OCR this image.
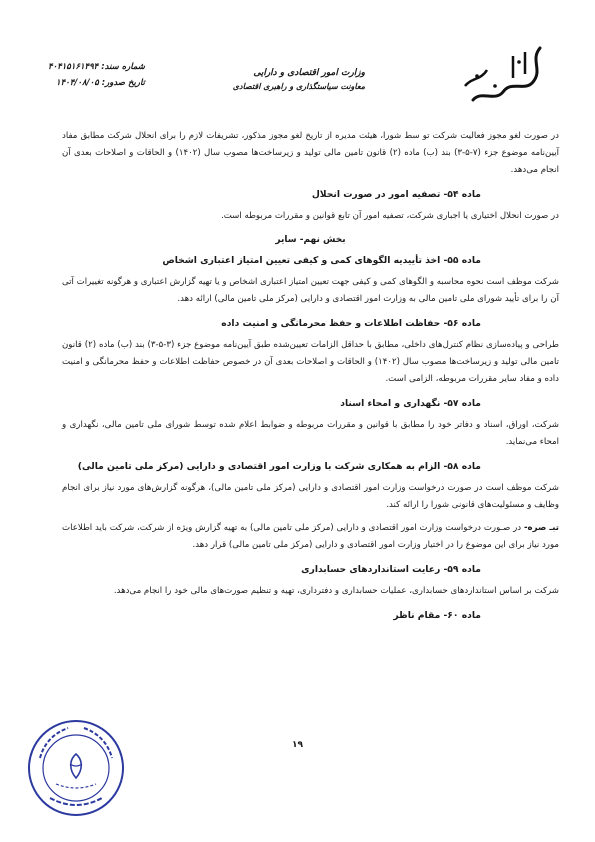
وزارت امور اقتصادی و دارایی
معاونت سیاستگذاری و راهبری اقتصادی
شماره سند: ۴۰۴۱۵۱۶۱۴۹۴
تاریخ صدور: ۱۴۰۴/۰۸/۰۵

در صورت لغو مجوز فعالیت شرکت تو سط شورا، هیئت مدیره از تاریخ لغو مجوز مذکور، تشریفات لازم را برای انحلال شرکت مطابق مفاد آیین‌نامه موضوع جزء (۷-۵-۳) بند (ب) ماده (۲) قانون تامین مالی تولید و زیرساخت‌ها مصوب سال (۱۴۰۲) و الحاقات و اصلاحات بعدی آن انجام می‌دهد.

ماده ۵۴- تصفیه امور در صورت انحلال

در صورت انحلال اختیاری یا اجباری شرکت، تصفیه امور آن تابع قوانین و مقررات مربوطه است.

بخش نهم- سایر
ماده ۵۵- اخذ تأییدیه الگوهای کمی و کیفی تعیین امتیاز اعتباری اشخاص

شرکت موظف است نحوه محاسبه و الگوهای کمی و کیفی جهت تعیین امتیاز اعتباری اشخاص و یا تهیه گزارش اعتباری و هرگونه تغییرات آتی آن را برای تأیید شورای ملی تامین مالی به وزارت امور اقتصادی و دارایی (مرکز ملی تامین مالی) ارائه دهد.

ماده ۵۶- حفاظت اطلاعات و حفظ محرمانگی و امنیت داده

طراحی و پیاده‌سازی نظام کنترل‌های داخلی، مطابق با حداقل الزامات تعیین‌شده طبق آیین‌نامه موضوع جزء (۳-۵-۳) بند (ب) ماده (۲) قانون تامین مالی تولید و زیرساخت‌ها مصوب سال (۱۴۰۲) و الحاقات و اصلاحات بعدی آن در خصوص حفاظت اطلاعات و حفظ محرمانگی و امنیت داده و مفاد سایر مقررات مربوطه، الزامی است.

ماده ۵۷- نگهداری و امحاء اسناد

شرکت، اوراق، اسناد و دفاتر خود را مطابق با قوانین و مقررات مربوطه و ضوابط اعلام شده توسط شورای ملی تامین مالی، نگهداری و امحاء می‌نماید.

ماده ۵۸- الزام به همکاری شرکت با وزارت امور اقتصادی و دارایی (مرکز ملی تامین مالی)

شرکت موظف است در صورت درخواست وزارت امور اقتصادی و دارایی (مرکز ملی تامین مالی)، هرگونه گزارش‌های مورد نیاز برای انجام وظایف و مسئولیت‌های قانونی شورا را ارائه کند.

تبـ صره- در صـورت درخواست وزارت امور اقتصادی و دارایی (مرکز ملی تامین مالی) به تهیه گزارش ویژه از شرکت، شرکت باید اطلاعات مورد نیاز برای این موضوع را در اختیار وزارت امور اقتصادی و دارایی (مرکز ملی تامین مالی) قرار دهد.

ماده ۵۹- رعایت استانداردهای حسابداری

شرکت بر اساس استانداردهای حسابداری، عملیات حسابداری و دفترداری، تهیه و تنظیم صورت‌های مالی خود را انجام می‌دهد.

ماده ۶۰- مقام ناظر
۱۹
